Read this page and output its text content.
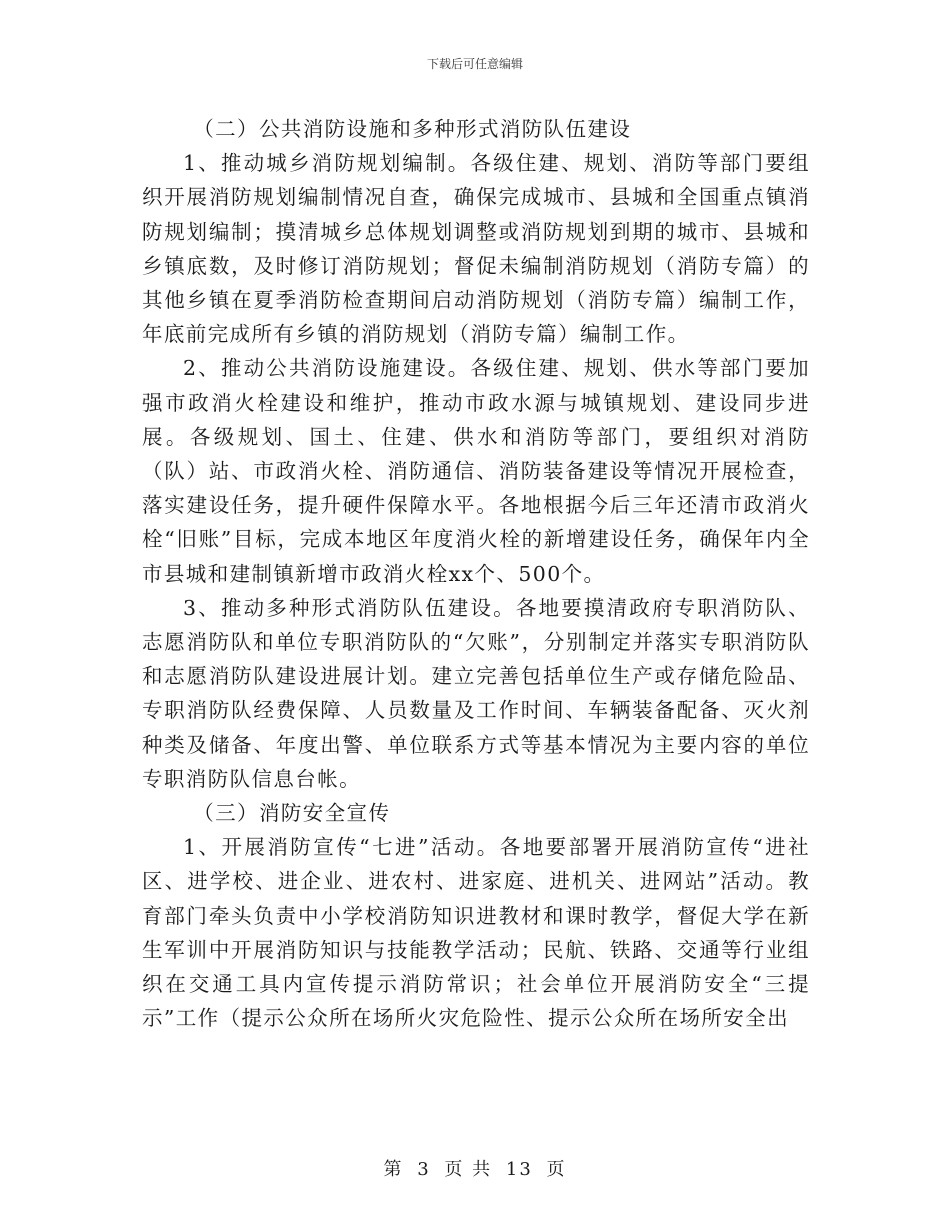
下载后可任意编辑

（二）公共消防设施和多种形式消防队伍建设

1、推动城乡消防规划编制。各级住建、规划、消防等部门要组织开展消防规划编制情况自查，确保完成城市、县城和全国重点镇消防规划编制；摸清城乡总体规划调整或消防规划到期的城市、县城和乡镇底数，及时修订消防规划；督促未编制消防规划（消防专篇）的其他乡镇在夏季消防检查期间启动消防规划（消防专篇）编制工作，年底前完成所有乡镇的消防规划（消防专篇）编制工作。

2、推动公共消防设施建设。各级住建、规划、供水等部门要加强市政消火栓建设和维护，推动市政水源与城镇规划、建设同步进展。各级规划、国土、住建、供水和消防等部门，要组织对消防（队）站、市政消火栓、消防通信、消防装备建设等情况开展检查，落实建设任务，提升硬件保障水平。各地根据今后三年还清市政消火栓“旧账”目标，完成本地区年度消火栓的新增建设任务，确保年内全市县城和建制镇新增市政消火栓xx个、500个。

3、推动多种形式消防队伍建设。各地要摸清政府专职消防队、志愿消防队和单位专职消防队的“欠账”，分别制定并落实专职消防队和志愿消防队建设进展计划。建立完善包括单位生产或存储危险品、专职消防队经费保障、人员数量及工作时间、车辆装备配备、灭火剂种类及储备、年度出警、单位联系方式等基本情况为主要内容的单位专职消防队信息台帐。

（三）消防安全宣传

1、开展消防宣传“七进”活动。各地要部署开展消防宣传“进社区、进学校、进企业、进农村、进家庭、进机关、进网站”活动。教育部门牵头负责中小学校消防知识进教材和课时教学，督促大学在新生军训中开展消防知识与技能教学活动；民航、铁路、交通等行业组织在交通工具内宣传提示消防常识；社会单位开展消防安全“三提示”工作（提示公众所在场所火灾危险性、提示公众所在场所安全出

第 3 页 共 13 页
